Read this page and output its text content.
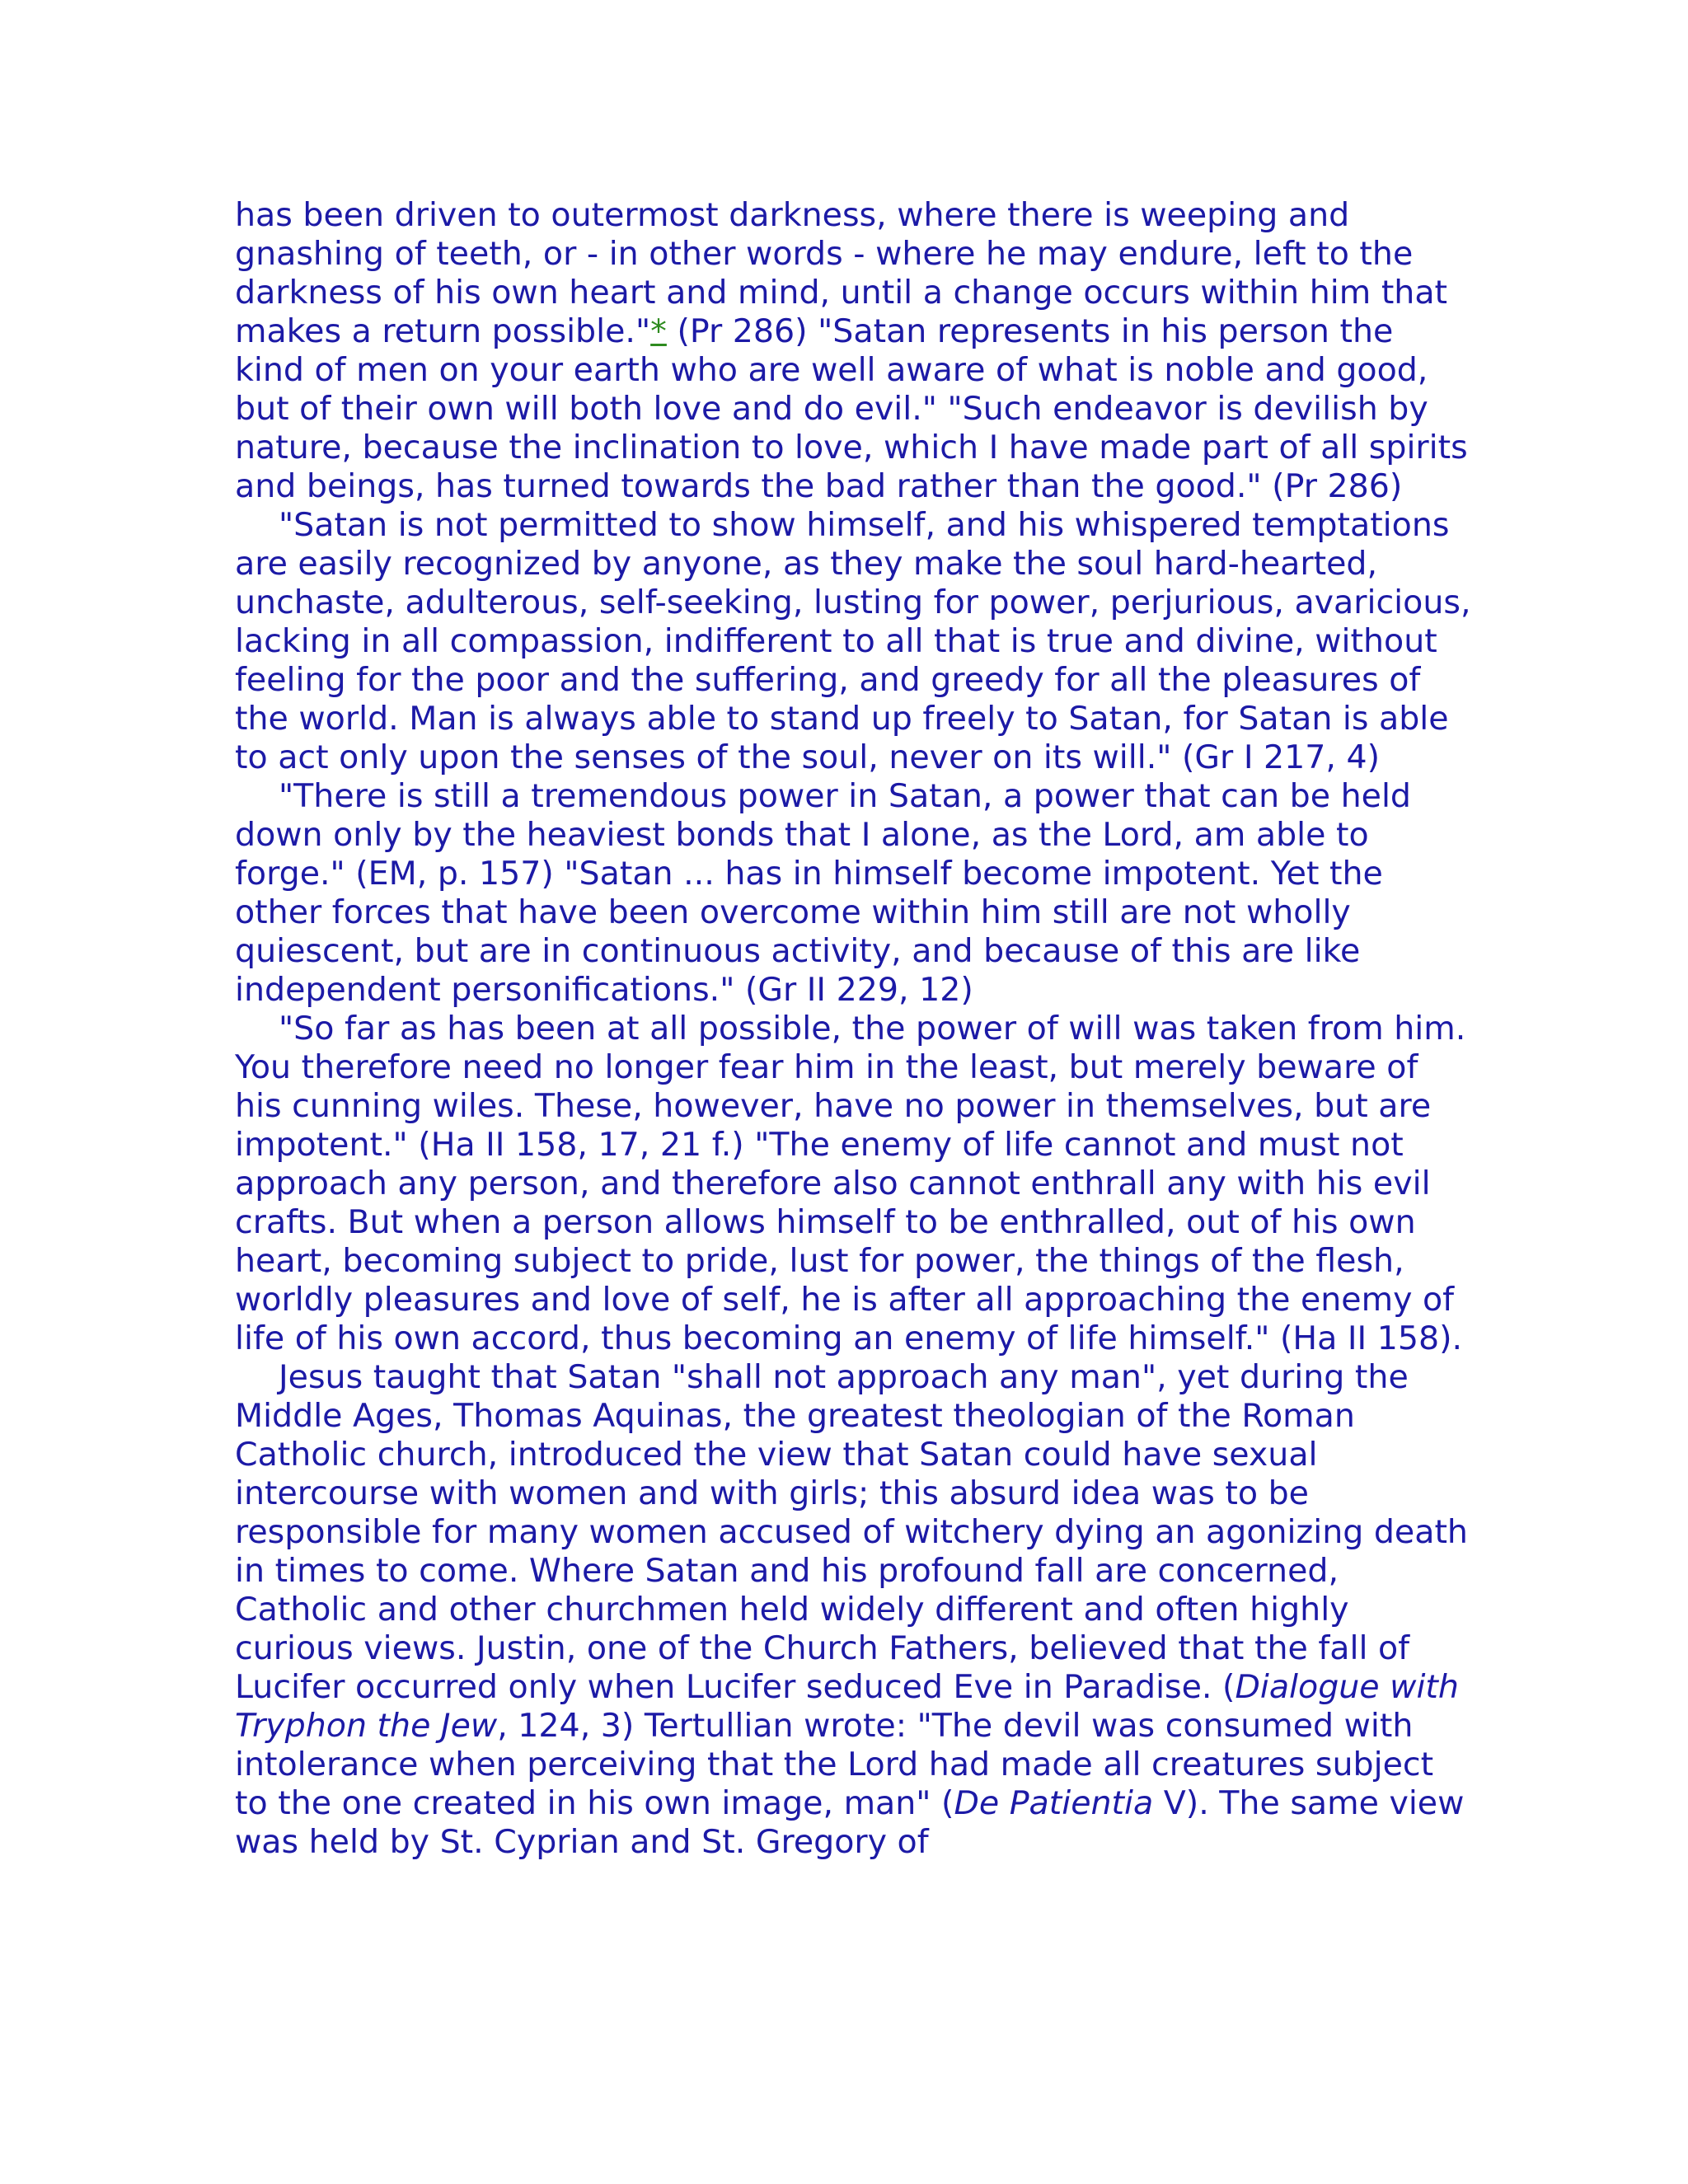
has been driven to outermost darkness, where there is weeping and gnashing of teeth, or - in other words - where he may endure, left to the darkness of his own heart and mind, until a change occurs within him that makes a return possible."* (Pr 286) "Satan represents in his person the kind of men on your earth who are well aware of what is noble and good, but of their own will both love and do evil." "Such endeavor is devilish by nature, because the inclination to love, which I have made part of all spirits and beings, has turned towards the bad rather than the good." (Pr 286)

"Satan is not permitted to show himself, and his whispered temptations are easily recognized by anyone, as they make the soul hard-hearted, unchaste, adulterous, self-seeking, lusting for power, perjurious, avaricious, lacking in all compassion, indifferent to all that is true and divine, without feeling for the poor and the suffering, and greedy for all the pleasures of the world. Man is always able to stand up freely to Satan, for Satan is able to act only upon the senses of the soul, never on its will." (Gr I 217, 4)

"There is still a tremendous power in Satan, a power that can be held down only by the heaviest bonds that I alone, as the Lord, am able to forge." (EM, p. 157) "Satan ... has in himself become impotent. Yet the other forces that have been overcome within him still are not wholly quiescent, but are in continuous activity, and because of this are like independent personifications." (Gr II 229, 12)

"So far as has been at all possible, the power of will was taken from him. You therefore need no longer fear him in the least, but merely beware of his cunning wiles. These, however, have no power in themselves, but are impotent." (Ha II 158, 17, 21 f.) "The enemy of life cannot and must not approach any person, and therefore also cannot enthrall any with his evil crafts. But when a person allows himself to be enthralled, out of his own heart, becoming subject to pride, lust for power, the things of the flesh, worldly pleasures and love of self, he is after all approaching the enemy of life of his own accord, thus becoming an enemy of life himself." (Ha II 158).

Jesus taught that Satan "shall not approach any man", yet during the Middle Ages, Thomas Aquinas, the greatest theologian of the Roman Catholic church, introduced the view that Satan could have sexual intercourse with women and with girls; this absurd idea was to be responsible for many women accused of witchery dying an agonizing death in times to come. Where Satan and his profound fall are concerned, Catholic and other churchmen held widely different and often highly curious views. Justin, one of the Church Fathers, believed that the fall of Lucifer occurred only when Lucifer seduced Eve in Paradise. (Dialogue with Tryphon the Jew, 124, 3) Tertullian wrote: "The devil was consumed with intolerance when perceiving that the Lord had made all creatures subject to the one created in his own image, man" (De Patientia V). The same view was held by St. Cyprian and St. Gregory of
